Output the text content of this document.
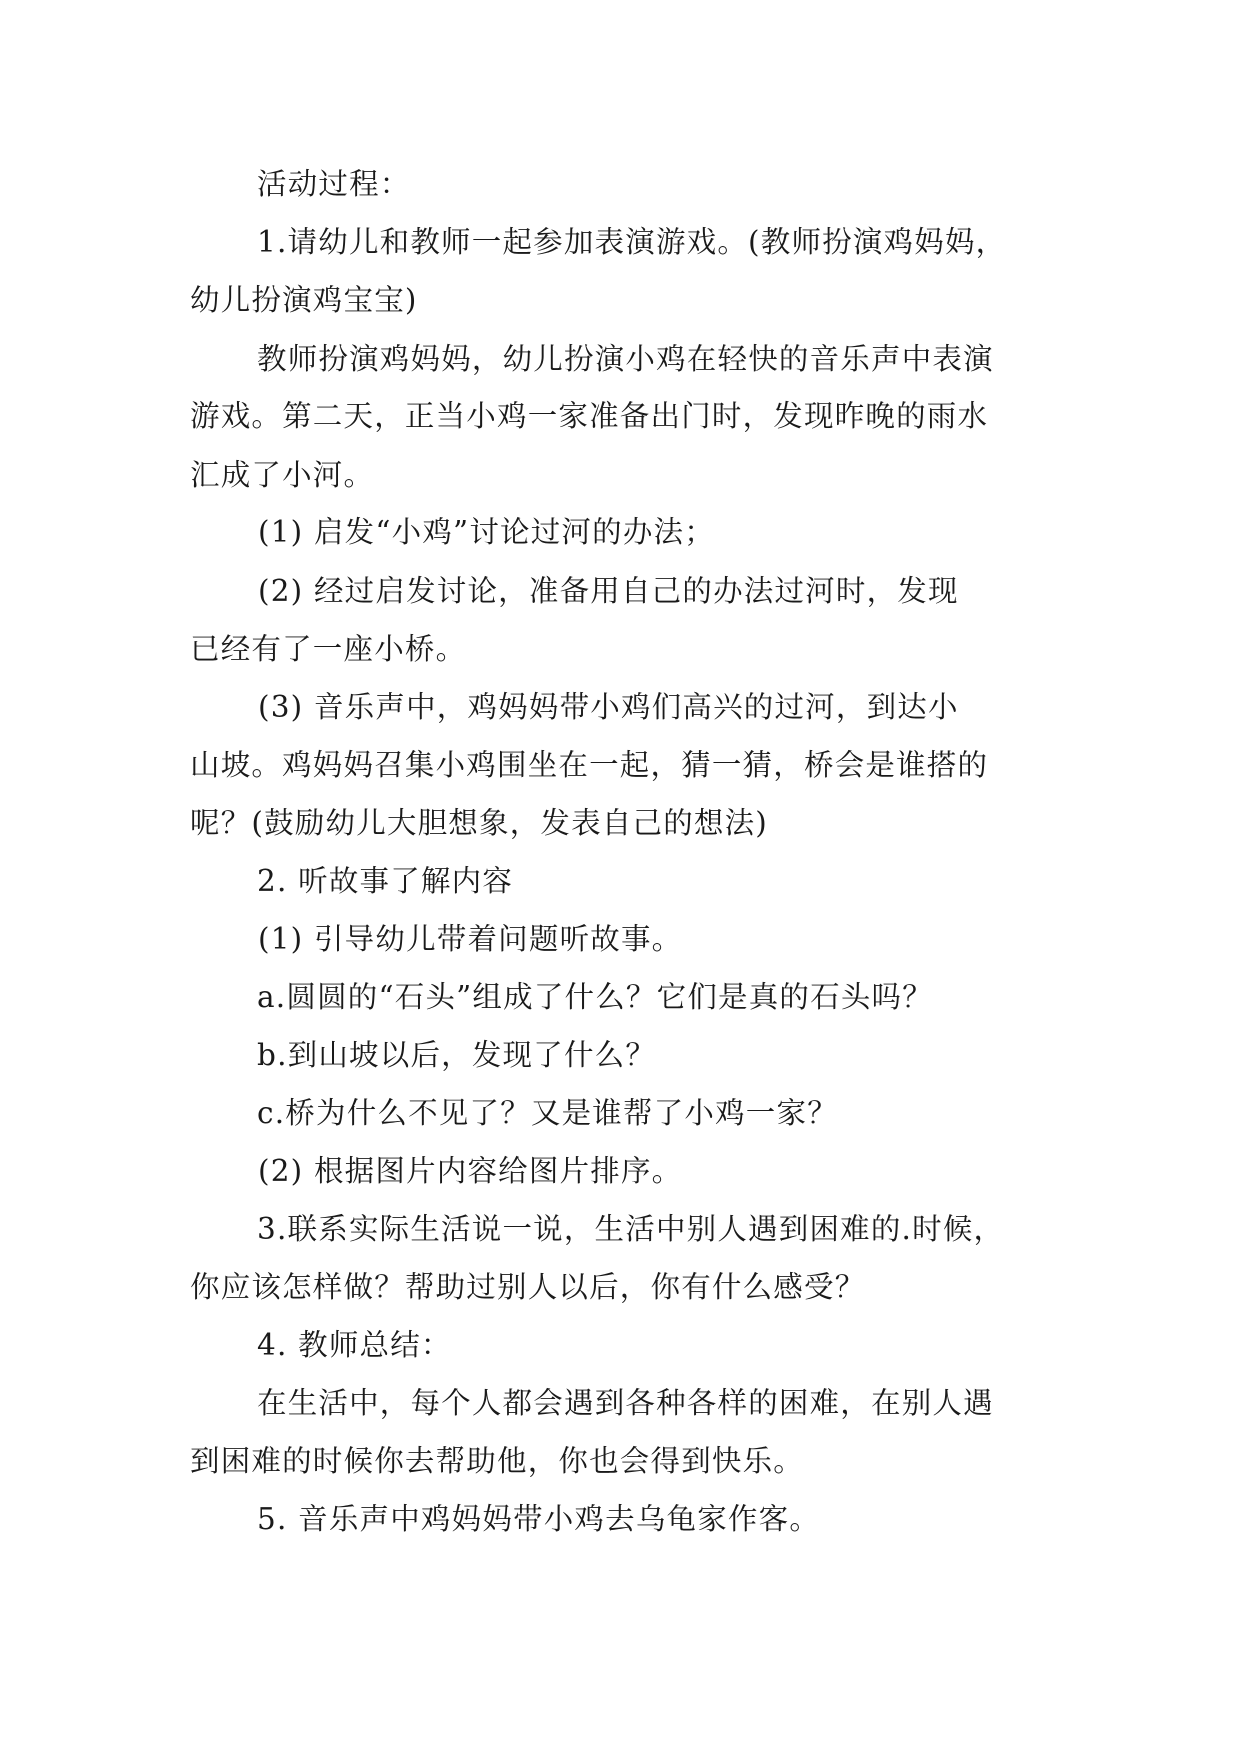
活动过程：
1.请幼儿和教师一起参加表演游戏。(教师扮演鸡妈妈，
幼儿扮演鸡宝宝)
教师扮演鸡妈妈，幼儿扮演小鸡在轻快的音乐声中表演
游戏。第二天，正当小鸡一家准备出门时，发现昨晚的雨水
汇成了小河。
(1) 启发“小鸡”讨论过河的办法；
(2) 经过启发讨论，准备用自己的办法过河时，发现
已经有了一座小桥。
(3) 音乐声中，鸡妈妈带小鸡们高兴的过河，到达小
山坡。鸡妈妈召集小鸡围坐在一起，猜一猜，桥会是谁搭的
呢？(鼓励幼儿大胆想象，发表自己的想法)
2. 听故事了解内容
(1) 引导幼儿带着问题听故事。
a.圆圆的“石头”组成了什么？它们是真的石头吗？
b.到山坡以后，发现了什么？
c.桥为什么不见了？又是谁帮了小鸡一家？
(2) 根据图片内容给图片排序。
3.联系实际生活说一说，生活中别人遇到困难的.时候，
你应该怎样做？帮助过别人以后，你有什么感受？
4. 教师总结：
在生活中，每个人都会遇到各种各样的困难，在别人遇
到困难的时候你去帮助他，你也会得到快乐。
5. 音乐声中鸡妈妈带小鸡去乌龟家作客。
